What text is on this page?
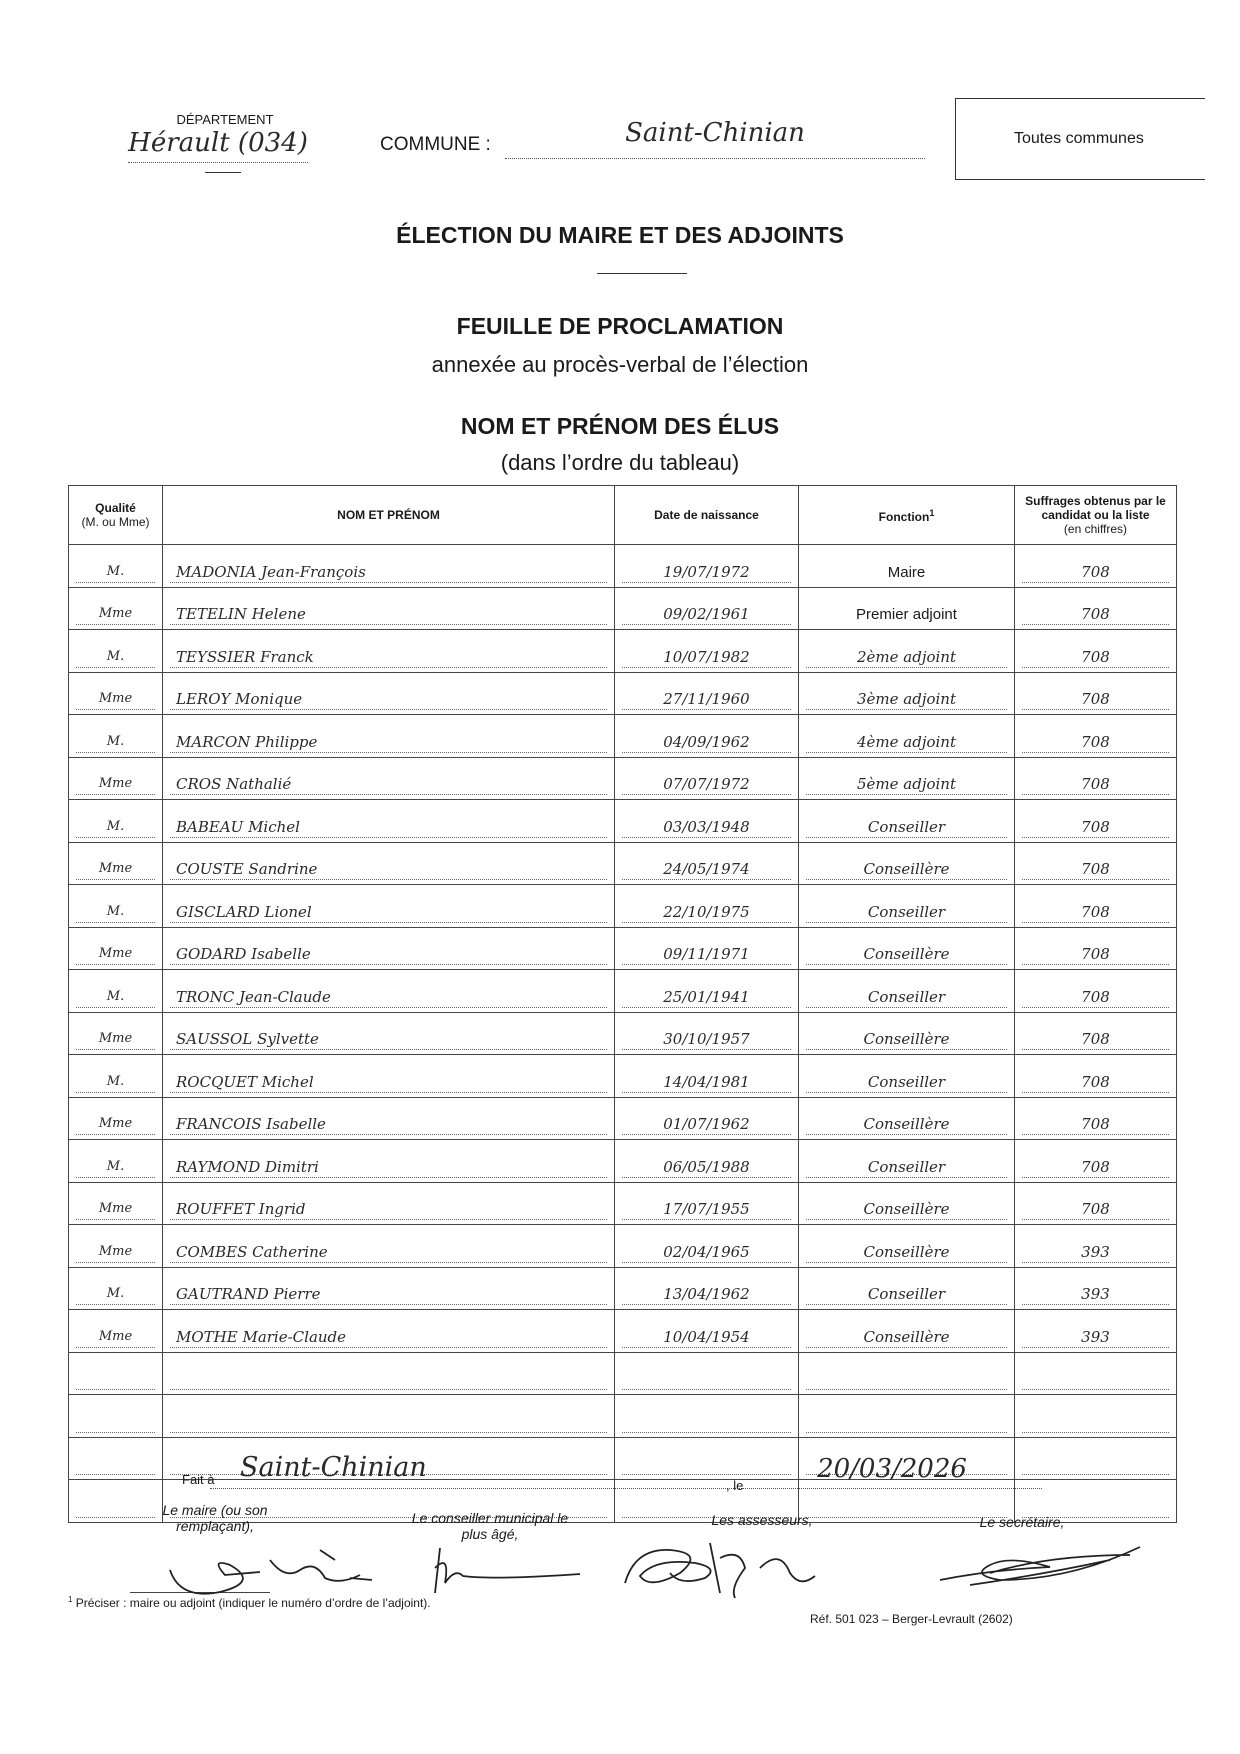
DÉPARTEMENT
Hérault (034)	COMMUNE :	Saint-Chinian	Toutes communes
ÉLECTION DU MAIRE ET DES ADJOINTS
FEUILLE DE PROCLAMATION
annexée au procès-verbal de l’élection
NOM ET PRÉNOM DES ÉLUS
(dans l’ordre du tableau)
Qualité
(M. ou Mme)	NOM ET PRÉNOM	Date de naissance	Fonction$^1$	Suffrages obtenus par le candidat ou la liste
(en chiffres)

M.	MADONIA Jean-François	19/07/1972	Maire	708

Mme	TETELIN Helene	09/02/1961	Premier adjoint	708

M.	TEYSSIER Franck	10/07/1982	2ème adjoint	708

Mme	LEROY Monique	27/11/1960	3ème adjoint	708

M.	MARCON Philippe	04/09/1962	4ème adjoint	708

Mme	CROS Nathalié	07/07/1972	5ème adjoint	708

M.	BABEAU Michel	03/03/1948	Conseiller	708

Mme	COUSTE Sandrine	24/05/1974	Conseillère	708

M.	GISCLARD Lionel	22/10/1975	Conseiller	708

Mme	GODARD Isabelle	09/11/1971	Conseillère	708

M.	TRONC Jean-Claude	25/01/1941	Conseiller	708

Mme	SAUSSOL Sylvette	30/10/1957	Conseillère	708

M.	ROCQUET Michel	14/04/1981	Conseiller	708

Mme	FRANCOIS Isabelle	01/07/1962	Conseillère	708

M.	RAYMOND Dimitri	06/05/1988	Conseiller	708

Mme	ROUFFET Ingrid	17/07/1955	Conseillère	708

Mme	COMBES Catherine	02/04/1965	Conseillère	393

M.	GAUTRAND Pierre	13/04/1962	Conseiller	393

Mme	MOTHE Marie-Claude	10/04/1954	Conseillère	393

Fait à Saint-Chinian
, le
20/03/2026
Le maire (ou son remplaçant),	Le conseiller municipal le plus âgé,
Les assesseurs,	Le secrétaire,
$^1$ Préciser : maire ou adjoint (indiquer le numéro d’ordre de l’adjoint).
Réf. 501 023 – Berger-Levrault (2602)
